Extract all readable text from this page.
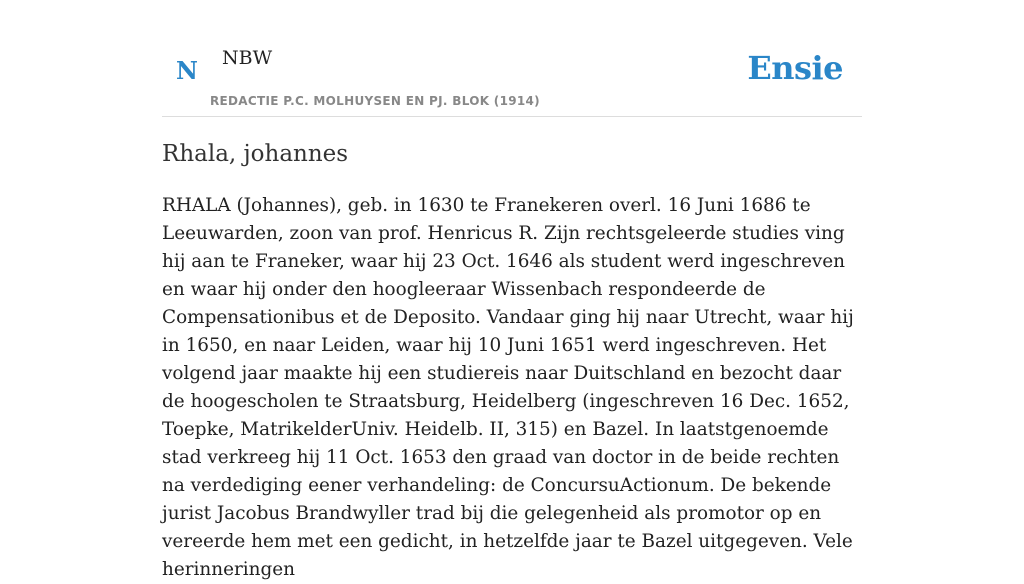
N NBW
REDACTIE P.C. MOLHUYSEN EN PJ. BLOK (1914)
Ensie
Rhala, johannes

RHALA (Johannes), geb. in 1630 te Franekeren overl. 16 Juni 1686 te Leeuwarden, zoon van prof. Henricus R. Zijn rechtsgeleerde studies ving hij aan te Franeker, waar hij 23 Oct. 1646 als student werd ingeschreven en waar hij onder den hoogleeraar Wissenbach respondeerde de Compensationibus et de Deposito. Vandaar ging hij naar Utrecht, waar hij in 1650, en naar Leiden, waar hij 10 Juni 1651 werd ingeschreven. Het volgend jaar maakte hij een studiereis naar Duitschland en bezocht daar de hoogescholen te Straatsburg, Heidelberg (ingeschreven 16 Dec. 1652, Toepke, MatrikelderUniv. Heidelb. II, 315) en Bazel. In laatstgenoemde stad verkreeg hij 11 Oct. 1653 den graad van doctor in de beide rechten na verdediging eener verhandeling: de ConcursuActionum. De bekende jurist Jacobus Brandwyller trad bij die gelegenheid als promotor op en vereerde hem met een gedicht, in hetzelfde jaar te Bazel uitgegeven. Vele herinneringen
